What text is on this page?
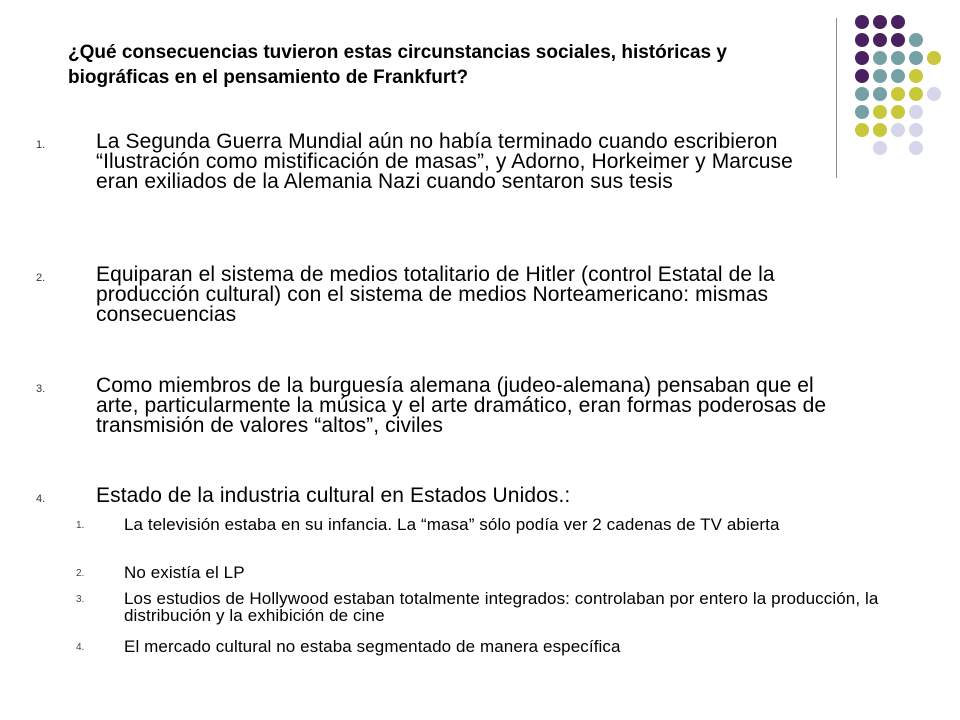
¿Qué consecuencias tuvieron estas circunstancias sociales, históricas y biográficas en el pensamiento de Frankfurt?
1. La Segunda Guerra Mundial aún no había terminado cuando escribieron “Ilustración como mistificación de masas”, y Adorno, Horkeimer y Marcuse eran exiliados de la Alemania Nazi cuando sentaron sus tesis
2. Equiparan el sistema de medios totalitario de Hitler (control Estatal de la producción cultural) con el sistema de medios Norteamericano: mismas consecuencias
3. Como miembros de la burguesía alemana (judeo-alemana) pensaban que el arte, particularmente la música y el arte dramático, eran formas poderosas de transmisión de valores “altos”, civiles
4. Estado de la industria cultural en Estados Unidos.:
1. La televisión estaba en su infancia. La “masa” sólo podía ver 2 cadenas de TV abierta
2. No existía el LP
3. Los estudios de Hollywood estaban totalmente integrados: controlaban por entero la producción, la distribución y la exhibición de cine
4. El mercado cultural no estaba segmentado de manera específica
